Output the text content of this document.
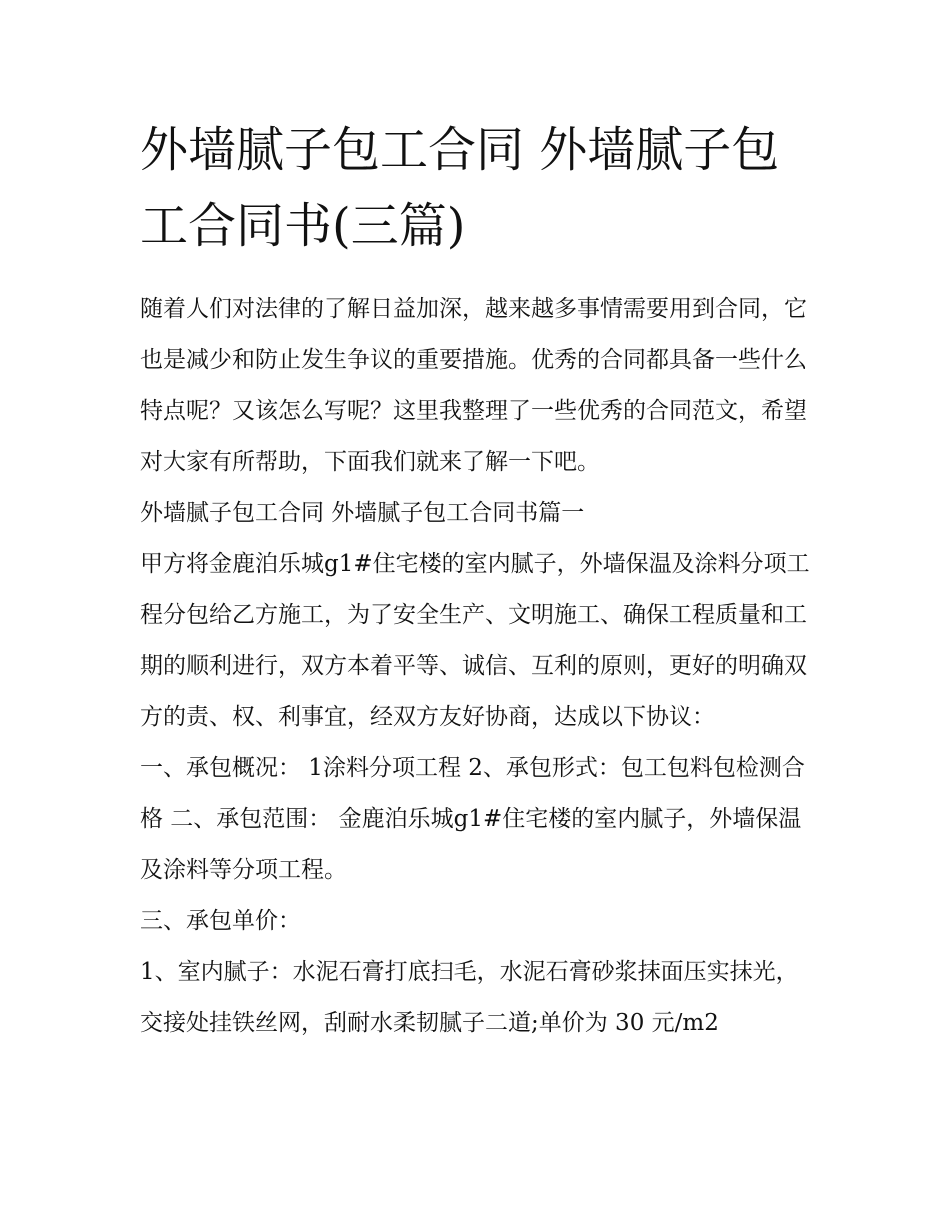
外墙腻子包工合同 外墙腻子包工合同书(三篇)

随着人们对法律的了解日益加深，越来越多事情需要用到合同，它也是减少和防止发生争议的重要措施。优秀的合同都具备一些什么特点呢？又该怎么写呢？这里我整理了一些优秀的合同范文，希望对大家有所帮助，下面我们就来了解一下吧。

外墙腻子包工合同 外墙腻子包工合同书篇一

甲方将金鹿泊乐城g1#住宅楼的室内腻子，外墙保温及涂料分项工程分包给乙方施工，为了安全生产、文明施工、确保工程质量和工期的顺利进行，双方本着平等、诚信、互利的原则，更好的明确双方的责、权、利事宜，经双方友好协商，达成以下协议：

一、承包概况： 1涂料分项工程 2、承包形式：包工包料包检测合格 二、承包范围： 金鹿泊乐城g1#住宅楼的室内腻子，外墙保温及涂料等分项工程。

三、承包单价：

1、室内腻子：水泥石膏打底扫毛，水泥石膏砂浆抹面压实抹光，交接处挂铁丝网，刮耐水柔韧腻子二道;单价为 30 元/m2
